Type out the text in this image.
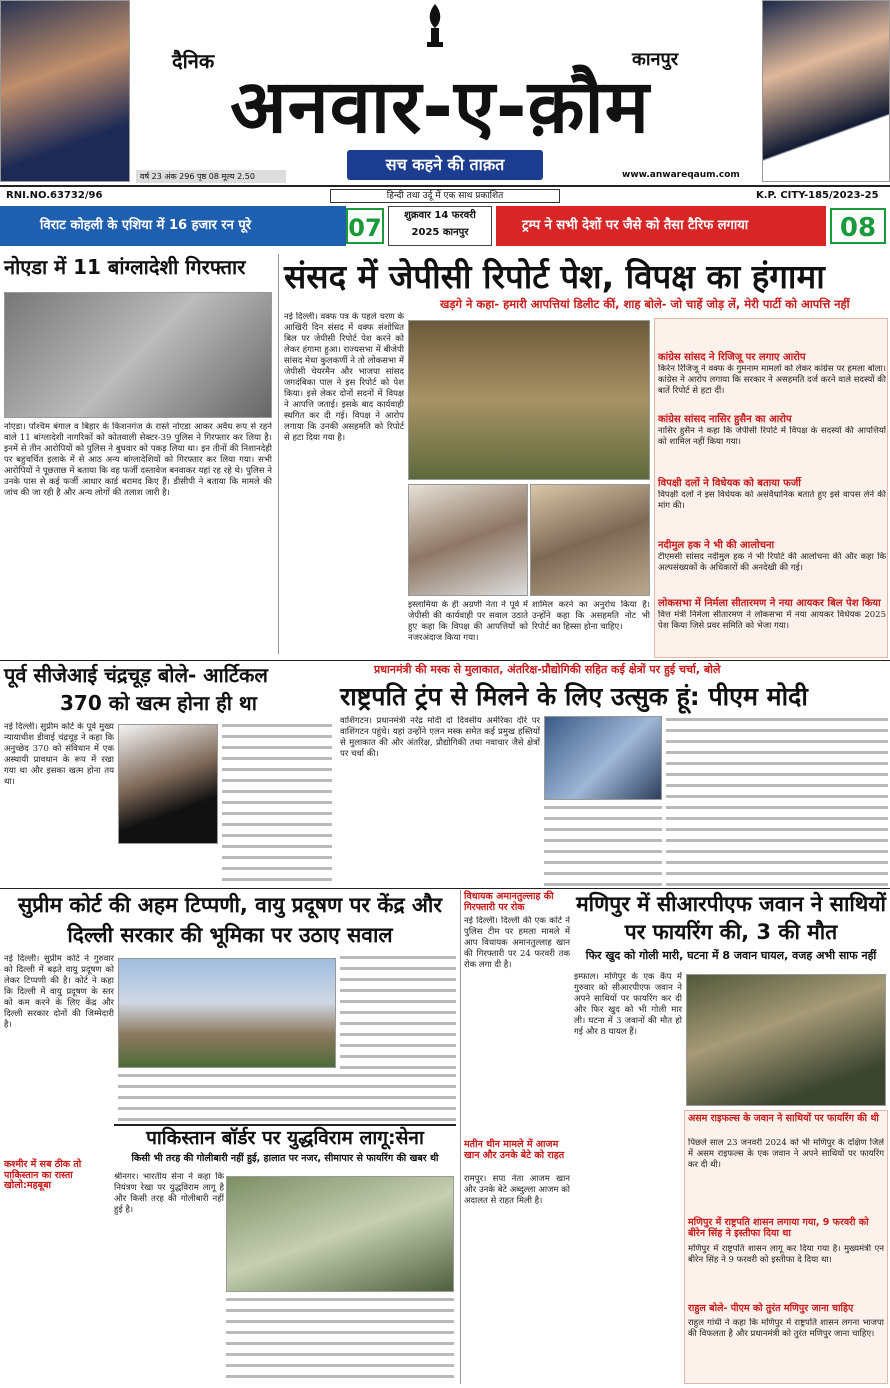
दैनिक	कानपुर
अनवार-ए-क़ौम
वर्ष 23 अंक 296 पृष्ठ 08 मूल्य 2.50
सच कहने की ताक़त
www.anwareqaum.com
RNI.NO.63732/96	हिन्दी तथा उर्दू में एक साथ प्रकाशित	K.P. CITY-185/2023-25
विराट कोहली के एशिया में 16 हजार रन पूरे	07	शुक्रवार 14 फरवरी
2025 कानपुर	ट्रम्प ने सभी देशों पर जैसे को तैसा टैरिफ लगाया	08
नोएडा में 11 बांग्लादेशी गिरफ्तार
नोएडा। पश्चिम बंगाल व बिहार के किशनगंज के रास्ते नोएडा आकर अवैध रूप से रहने वाले 11 बांग्लादेशी नागरिकों को कोतवाली सेक्टर-39 पुलिस ने गिरफ्तार कर लिया है। इनमें से तीन आरोपियों को पुलिस ने बुधवार को पकड़ लिया था। इन तीनों की निशानदेही पर बहुचर्चित इलाके में से आठ अन्य बांग्लादेशियों को गिरफ्तार कर लिया गया। सभी आरोपियों ने पूछताछ में बताया कि वह फर्जी दस्तावेज बनवाकर यहां रह रहे थे। पुलिस ने उनके पास से कई फर्जी आधार कार्ड बरामद किए हैं। डीसीपी ने बताया कि मामले की जांच की जा रही है और अन्य लोगों की तलाश जारी है।
संसद में जेपीसी रिपोर्ट पेश, विपक्ष का हंगामा
खड़गे ने कहा- हमारी आपत्तियां डिलीट कीं, शाह बोले- जो चाहें जोड़ लें, मेरी पार्टी को आपत्ति नहीं
नई दिल्ली। वक्फ पत्र के पहले चरण के आखिरी दिन संसद में वक्फ संशोधित बिल पर जेपीसी रिपोर्ट पेश करने को लेकर हंगामा हुआ। राज्यसभा में बीजेपी सांसद मेधा कुलकर्णी ने तो लोकसभा में जेपीसी चेयरमैन और भाजपा सांसद जगदंबिका पाल ने इस रिपोर्ट को पेश किया। इसे लेकर दोनों सदनों में विपक्ष ने आपत्ति जताई। इसके बाद कार्यवाही स्थगित कर दी गई। विपक्ष ने आरोप लगाया कि उनकी असहमति को रिपोर्ट से हटा दिया गया है।
इस्लामिया के ही अग्रणी नेता ने पूर्व में जेपीसी की कार्यवाही पर सवाल उठाते हुए कहा कि विपक्ष की आपत्तियों को नजरअंदाज किया गया।
शामिल करने का अनुरोध किया है। उन्होंने कहा कि असहमति नोट भी रिपोर्ट का हिस्सा होना चाहिए।
कांग्रेस सांसद ने रिजिजू पर लगाए आरोप
किरेन रिजिजू ने वक्फ के गुमनाम मामलों को लेकर कांग्रेस पर हमला बोला। कांग्रेस ने आरोप लगाया कि सरकार ने असहमति दर्ज करने वाले सदस्यों की बातें रिपोर्ट से हटा दीं।
कांग्रेस सांसद नासिर हुसैन का आरोप
नासिर हुसैन ने कहा कि जेपीसी रिपोर्ट में विपक्ष के सदस्यों की आपत्तियों को शामिल नहीं किया गया।
विपक्षी दलों ने विधेयक को बताया फर्जी
विपक्षी दलों ने इस विधेयक को असंवैधानिक बताते हुए इसे वापस लेने की मांग की।
नदीमुल हक ने भी की आलोचना
टीएमसी सांसद नदीमुल हक ने भी रिपोर्ट की आलोचना की और कहा कि अल्पसंख्यकों के अधिकारों की अनदेखी की गई।
लोकसभा में निर्मला सीतारमण ने नया आयकर बिल पेश किया
वित्त मंत्री निर्मला सीतारमण ने लोकसभा में नया आयकर विधेयक 2025 पेश किया जिसे प्रवर समिति को भेजा गया।
पूर्व सीजेआई चंद्रचूड़ बोले- आर्टिकल
370 को खत्म होना ही था
नई दिल्ली। सुप्रीम कोर्ट के पूर्व मुख्य न्यायाधीश डीवाई चंद्रचूड़ ने कहा कि अनुच्छेद 370 को संविधान में एक अस्थायी प्रावधान के रूप में रखा गया था और इसका खत्म होना तय था।
प्रधानमंत्री की मस्क से मुलाकात, अंतरिक्ष-प्रौद्योगिकी सहित कई क्षेत्रों पर हुई चर्चा, बोले
राष्ट्रपति ट्रंप से मिलने के लिए उत्सुक हूं: पीएम मोदी
वाशिंगटन। प्रधानमंत्री नरेंद्र मोदी दो दिवसीय अमेरिका दौरे पर वाशिंगटन पहुंचे। यहां उन्होंने एलन मस्क समेत कई प्रमुख हस्तियों से मुलाकात की और अंतरिक्ष, प्रौद्योगिकी तथा नवाचार जैसे क्षेत्रों पर चर्चा की।
सुप्रीम कोर्ट की अहम टिप्पणी, वायु प्रदूषण पर केंद्र और दिल्ली सरकार की भूमिका पर उठाए सवाल
नई दिल्ली। सुप्रीम कोर्ट ने गुरुवार को दिल्ली में बढ़ते वायु प्रदूषण को लेकर टिप्पणी की है। कोर्ट ने कहा कि दिल्ली में वायु प्रदूषण के स्तर को कम करने के लिए केंद्र और दिल्ली सरकार दोनों की जिम्मेदारी है।
कश्मीर में सब ठीक तो पाकिस्तान का रास्ता खोलो:महबूबा
पाकिस्तान बॉर्डर पर युद्धविराम लागू:सेना
किसी भी तरह की गोलीबारी नहीं हुई, हालात पर नजर, सीमापार से फायरिंग की खबर थी
श्रीनगर। भारतीय सेना ने कहा कि नियंत्रण रेखा पर युद्धविराम लागू है और किसी तरह की गोलीबारी नहीं हुई है।
विधायक अमानतुल्लाह की गिरफ्तारी पर रोक
नई दिल्ली। दिल्ली की एक कोर्ट ने पुलिस टीम पर हमला मामले में आप विधायक अमानतुल्लाह खान की गिरफ्तारी पर 24 फरवरी तक रोक लगा दी है।
मतीन थीन मामले में आजम खान और उनके बेटे को राहत
रामपुर। सपा नेता आजम खान और उनके बेटे अब्दुल्ला आजम को अदालत से राहत मिली है।
मणिपुर में सीआरपीएफ जवान ने साथियों पर फायरिंग की, 3 की मौत
फिर खुद को गोली मारी, घटना में 8 जवान घायल, वजह अभी साफ नहीं
इम्फाल। मणिपुर के एक कैंप में गुरुवार को सीआरपीएफ जवान ने अपने साथियों पर फायरिंग कर दी और फिर खुद को भी गोली मार ली। घटना में 3 जवानों की मौत हो गई और 8 घायल हैं।
असम राइफल्स के जवान ने साथियों पर फायरिंग की थी
पिछले साल 23 जनवरी 2024 को भी मणिपुर के दक्षिण जिले में असम राइफल्स के एक जवान ने अपने साथियों पर फायरिंग कर दी थी।
मणिपुर में राष्ट्रपति शासन लगाया गया, 9 फरवरी को बीरेन सिंह ने इस्तीफा दिया था
मणिपुर में राष्ट्रपति शासन लागू कर दिया गया है। मुख्यमंत्री एन बीरेन सिंह ने 9 फरवरी को इस्तीफा दे दिया था।
राहुल बोले- पीएम को तुरंत मणिपुर जाना चाहिए
राहुल गांधी ने कहा कि मणिपुर में राष्ट्रपति शासन लगना भाजपा की विफलता है और प्रधानमंत्री को तुरंत मणिपुर जाना चाहिए।
